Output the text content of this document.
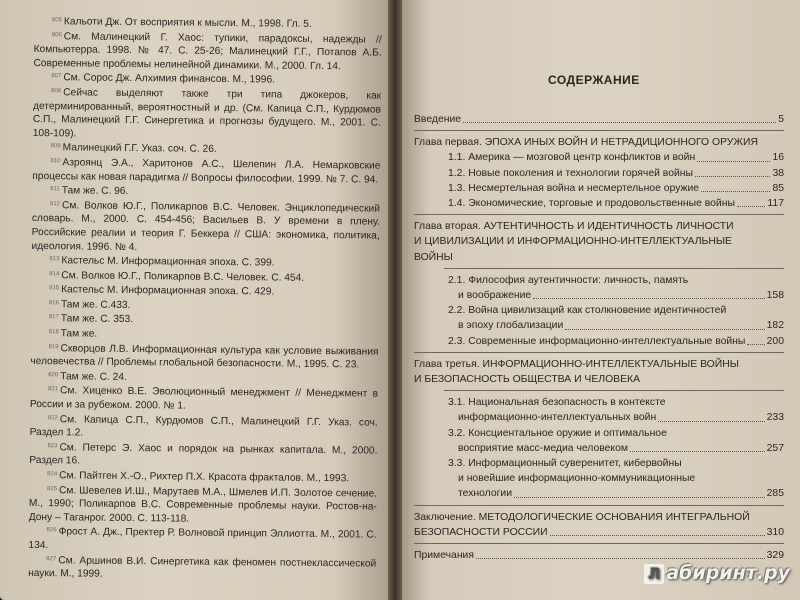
$^{805}$ Кальоти Дж. От восприятия к мысли. М., 1998. Гл. 5.

$^{806}$ См. Малинецкий Г. Хаос: тупики, парадоксы, надежды // Компьютерра. 1998. № 47. С. 25-26; Малинецкий Г.Г., Потапов А.Б. Современные проблемы нелинейной динамики. М., 2000. Гл. 14.

$^{807}$ См. Сорос Дж. Алхимия финансов. М., 1996.

$^{808}$ Сейчас выделяют также три типа джокеров, как детерминированный, вероятностный и др. (См. Капица С.П., Курдюмов С.П., Малинецкий Г.Г. Синергетика и прогнозы будущего. М., 2001. С. 108-109).

$^{809}$ Малинецкий Г.Г. Указ. соч. С. 26.

$^{810}$ Азроянц Э.А., Харитонов А.С., Шелепин Л.А. Немарковские процессы как новая парадигма // Вопросы философии. 1999. № 7. С. 94.

$^{811}$ Там же. С. 96.

$^{812}$ См. Волков Ю.Г., Поликарпов В.С. Человек. Энциклопедический словарь. М., 2000. С. 454-456; Васильев В. У времени в плену. Российские реалии и теория Г. Беккера // США: экономика, политика, идеология. 1996. № 4.

$^{813}$ Кастельс М. Информационная эпоха. С. 399.

$^{814}$ См. Волков Ю.Г., Поликарпов В.С. Человек. С. 454.

$^{815}$ Кастельс М. Информационная эпоха. С. 429.

$^{816}$ Там же. С.433.

$^{817}$ Там же. С. 353.

$^{818}$ Там же.

$^{819}$ Скворцов Л.В. Информационная культура как условие выживания человечества // Проблемы глобальной безопасности. М., 1995. С. 23.

$^{820}$ Там же. С. 24.

$^{821}$ См. Хиценко В.Е. Эволюционный менеджмент // Менеджмент в России и за рубежом. 2000. № 1.

$^{822}$ См. Капица С.П., Курдюмов С.П., Малинецкий Г.Г. Указ. соч. Раздел 1.2.

$^{823}$ См. Петерс Э. Хаос и порядок на рынках капитала. М., 2000. Раздел 16.

$^{824}$ См. Пайтген Х.-О., Рихтер П.Х. Красота фракталов. М., 1993.

$^{825}$ См. Шевелев И.Ш., Марутаев М.А., Шмелев И.П. Золотое сечение. М., 1990; Поликарпов В.С. Современные проблемы науки. Ростов-на-Дону – Таганрог. 2000. С. 113-118.

$^{826}$ Фрост А. Дж., Пректер Р. Волновой принцип Эллиотта. М., 2001. С. 134.

$^{827}$ См. Аршинов В.И. Синергетика как феномен постнеклассической науки. М., 1999.

СОДЕРЖАНИЕ
Введение	5
Глава первая. ЭПОХА ИНЫХ ВОЙН И НЕТРАДИЦИОННОГО ОРУЖИЯ
1.1. Америка — мозговой центр конфликтов и войн	16
1.2. Новые поколения и технологии горячей войны	38
1.3. Несмертельная война и несмертельное оружие	85
1.4. Экономические, торговые и продовольственные войны	117
Глава вторая. АУТЕНТИЧНОСТЬ И ИДЕНТИЧНОСТЬ ЛИЧНОСТИ
И ЦИВИЛИЗАЦИИ И ИНФОРМАЦИОННО-ИНТЕЛЛЕКТУАЛЬНЫЕ
ВОЙНЫ
2.1. Философия аутентичности: личность, память
и воображение	158
2.2. Война цивилизаций как столкновение идентичностей
в эпоху глобализации	182
2.3. Современные информационно-интеллектуальные войны 200
Глава третья. ИНФОРМАЦИОННО-ИНТЕЛЛЕКТУАЛЬНЫЕ ВОЙНЫ
И БЕЗОПАСНОСТЬ ОБЩЕСТВА И ЧЕЛОВЕКА
3.1. Национальная безопасность в контексте
информационно-интеллектуальных войн	233
3.2. Консциентальное оружие и оптимальное
восприятие масс-медиа человеком	257
3.3. Информационный суверенитет, кибервойны
и новейшие информационно-коммуникационные
технологии	285
Заключение. МЕТОДОЛОГИЧЕСКИЕ ОСНОВАНИЯ ИНТЕГРАЛЬНОЙ
БЕЗОПАСНОСТИ РОССИИ	310
Примечания	329
Л абиринт.ру
